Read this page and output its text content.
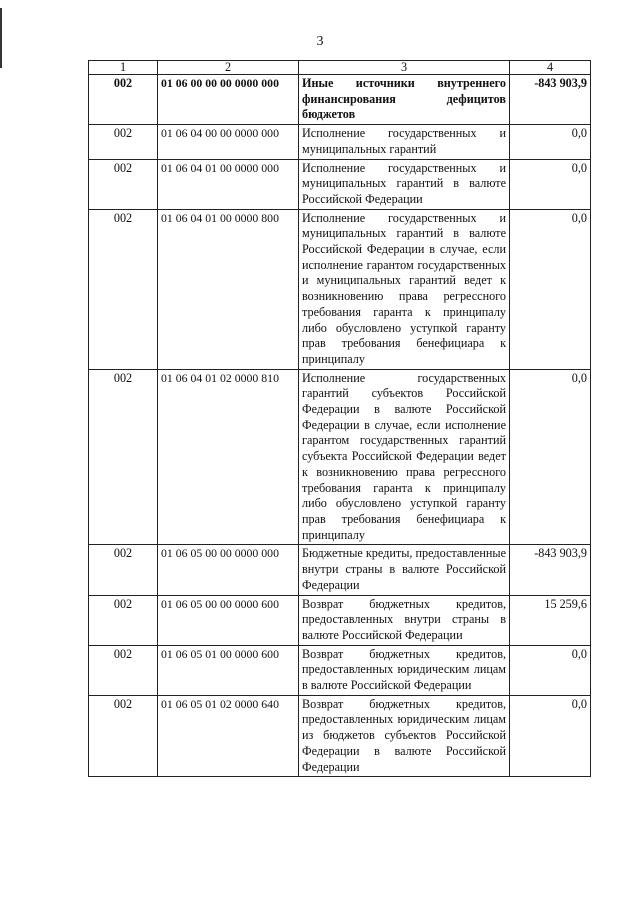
3
1	2	3	4
002	01 06 00 00 00 0000 000	Иные источники внутреннего финансирования дефицитов бюджетов	-843 903,9
002	01 06 04 00 00 0000 000	Исполнение государственных и муниципальных гарантий	0,0
002	01 06 04 01 00 0000 000	Исполнение государственных и муниципальных гарантий в валюте Российской Федерации	0,0
002	01 06 04 01 00 0000 800	Исполнение государственных и муниципальных гарантий в валюте Российской Федерации в случае, если исполнение гарантом государственных и муниципальных гарантий ведет к возникновению права регрессного требования гаранта к принципалу либо обусловлено уступкой гаранту прав требования бенефициара к принципалу	0,0
002	01 06 04 01 02 0000 810	Исполнение государственных гарантий субъектов Российской Федерации в валюте Российской Федерации в случае, если исполнение гарантом государственных гарантий субъекта Российской Федерации ведет к возникновению права регрессного требования гаранта к принципалу либо обусловлено уступкой гаранту прав требования бенефициара к принципалу	0,0
002	01 06 05 00 00 0000 000	Бюджетные кредиты, предоставленные внутри страны в валюте Российской Федерации	-843 903,9
002	01 06 05 00 00 0000 600	Возврат бюджетных кредитов, предоставленных внутри страны в валюте Российской Федерации	15 259,6
002	01 06 05 01 00 0000 600	Возврат бюджетных кредитов, предоставленных юридическим лицам в валюте Российской Федерации	0,0
002	01 06 05 01 02 0000 640	Возврат бюджетных кредитов, предоставленных юридическим лицам из бюджетов субъектов Российской Федерации в валюте Российской Федерации	0,0
